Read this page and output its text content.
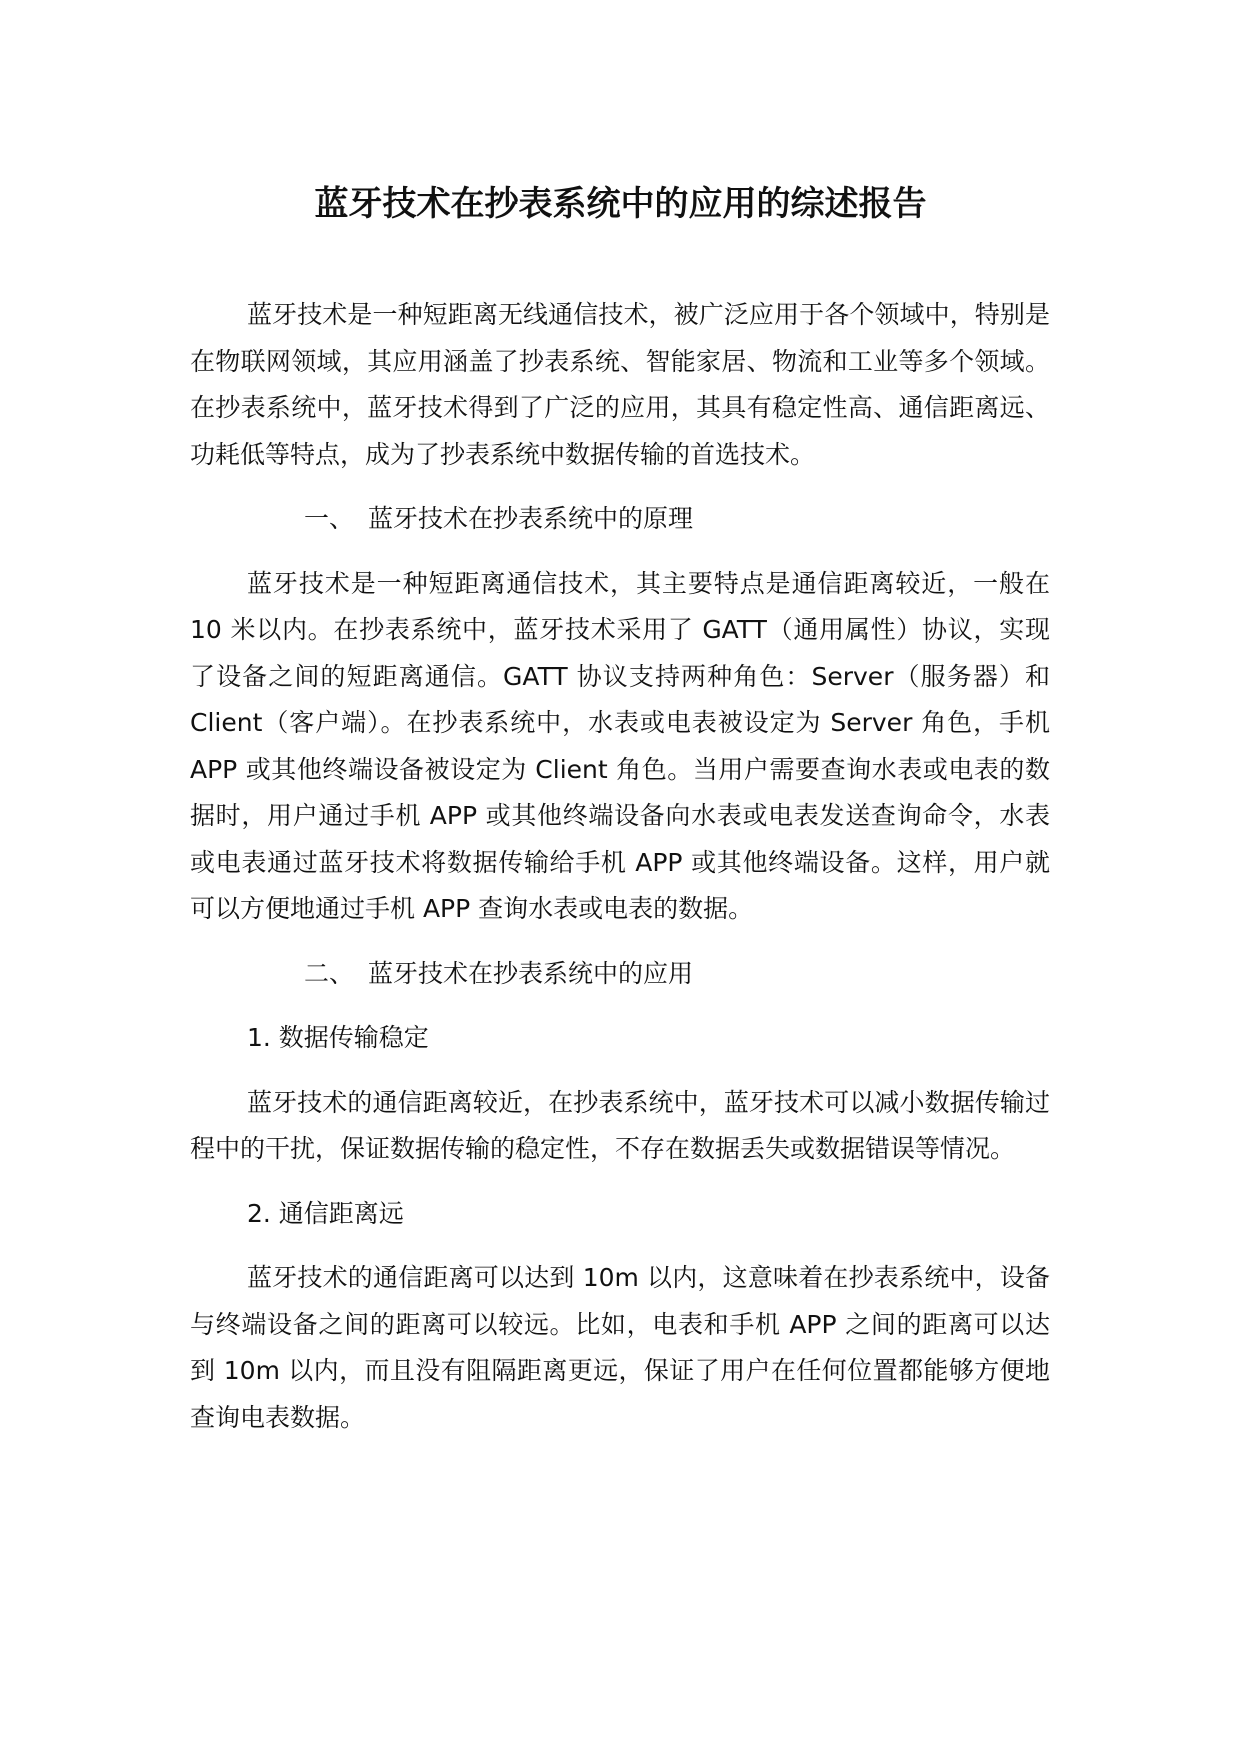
蓝牙技术在抄表系统中的应用的综述报告

蓝牙技术是一种短距离无线通信技术，被广泛应用于各个领域中，特别是在物联网领域，其应用涵盖了抄表系统、智能家居、物流和工业等多个领域。在抄表系统中，蓝牙技术得到了广泛的应用，其具有稳定性高、通信距离远、功耗低等特点，成为了抄表系统中数据传输的首选技术。

一、 蓝牙技术在抄表系统中的原理

蓝牙技术是一种短距离通信技术，其主要特点是通信距离较近，一般在 10 米以内。在抄表系统中，蓝牙技术采用了 GATT（通用属性）协议，实现了设备之间的短距离通信。GATT 协议支持两种角色：Server（服务器）和 Client（客户端）。在抄表系统中，水表或电表被设定为 Server 角色，手机 APP 或其他终端设备被设定为 Client 角色。当用户需要查询水表或电表的数据时，用户通过手机 APP 或其他终端设备向水表或电表发送查询命令，水表或电表通过蓝牙技术将数据传输给手机 APP 或其他终端设备。这样，用户就可以方便地通过手机 APP 查询水表或电表的数据。

二、 蓝牙技术在抄表系统中的应用

1. 数据传输稳定

蓝牙技术的通信距离较近，在抄表系统中，蓝牙技术可以减小数据传输过程中的干扰，保证数据传输的稳定性，不存在数据丢失或数据错误等情况。

2. 通信距离远

蓝牙技术的通信距离可以达到 10m 以内，这意味着在抄表系统中，设备与终端设备之间的距离可以较远。比如，电表和手机 APP 之间的距离可以达到 10m 以内，而且没有阻隔距离更远，保证了用户在任何位置都能够方便地查询电表数据。
